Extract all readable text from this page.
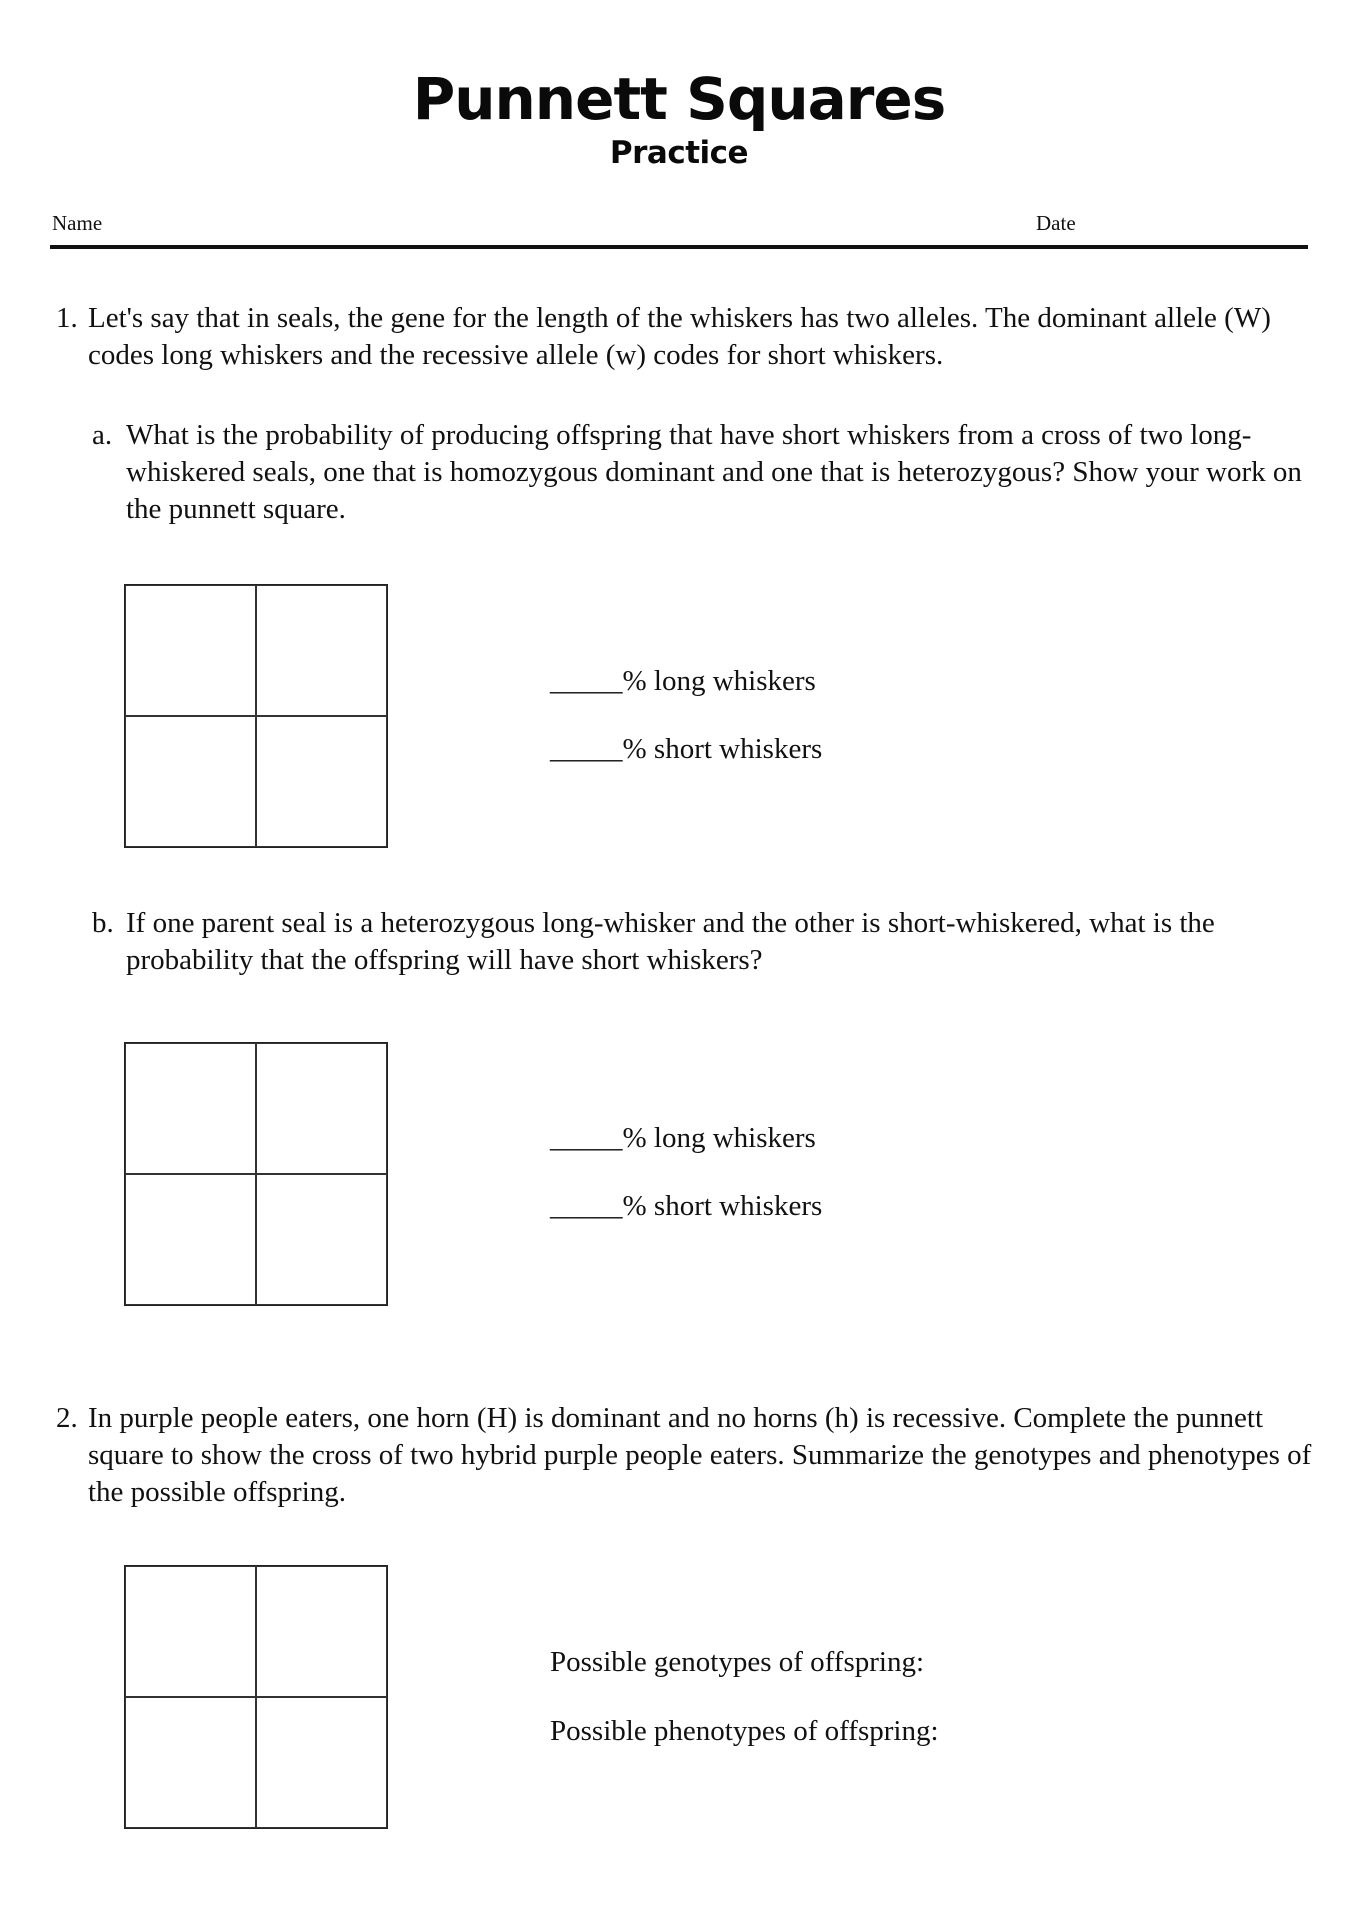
Punnett Squares
Practice
Name	Date
1. Let's say that in seals, the gene for the length of the whiskers has two alleles. The dominant allele (W) codes long whiskers and the recessive allele (w) codes for short whiskers.
a. What is the probability of producing offspring that have short whiskers from a cross of two long-whiskered seals, one that is homozygous dominant and one that is heterozygous? Show your work on the punnett square.
_____% long whiskers
_____% short whiskers
b. If one parent seal is a heterozygous long-whisker and the other is short-whiskered, what is the probability that the offspring will have short whiskers?
_____% long whiskers
_____% short whiskers
2. In purple people eaters, one horn (H) is dominant and no horns (h) is recessive. Complete the punnett square to show the cross of two hybrid purple people eaters. Summarize the genotypes and phenotypes of the possible offspring.
Possible genotypes of offspring:
Possible phenotypes of offspring:
